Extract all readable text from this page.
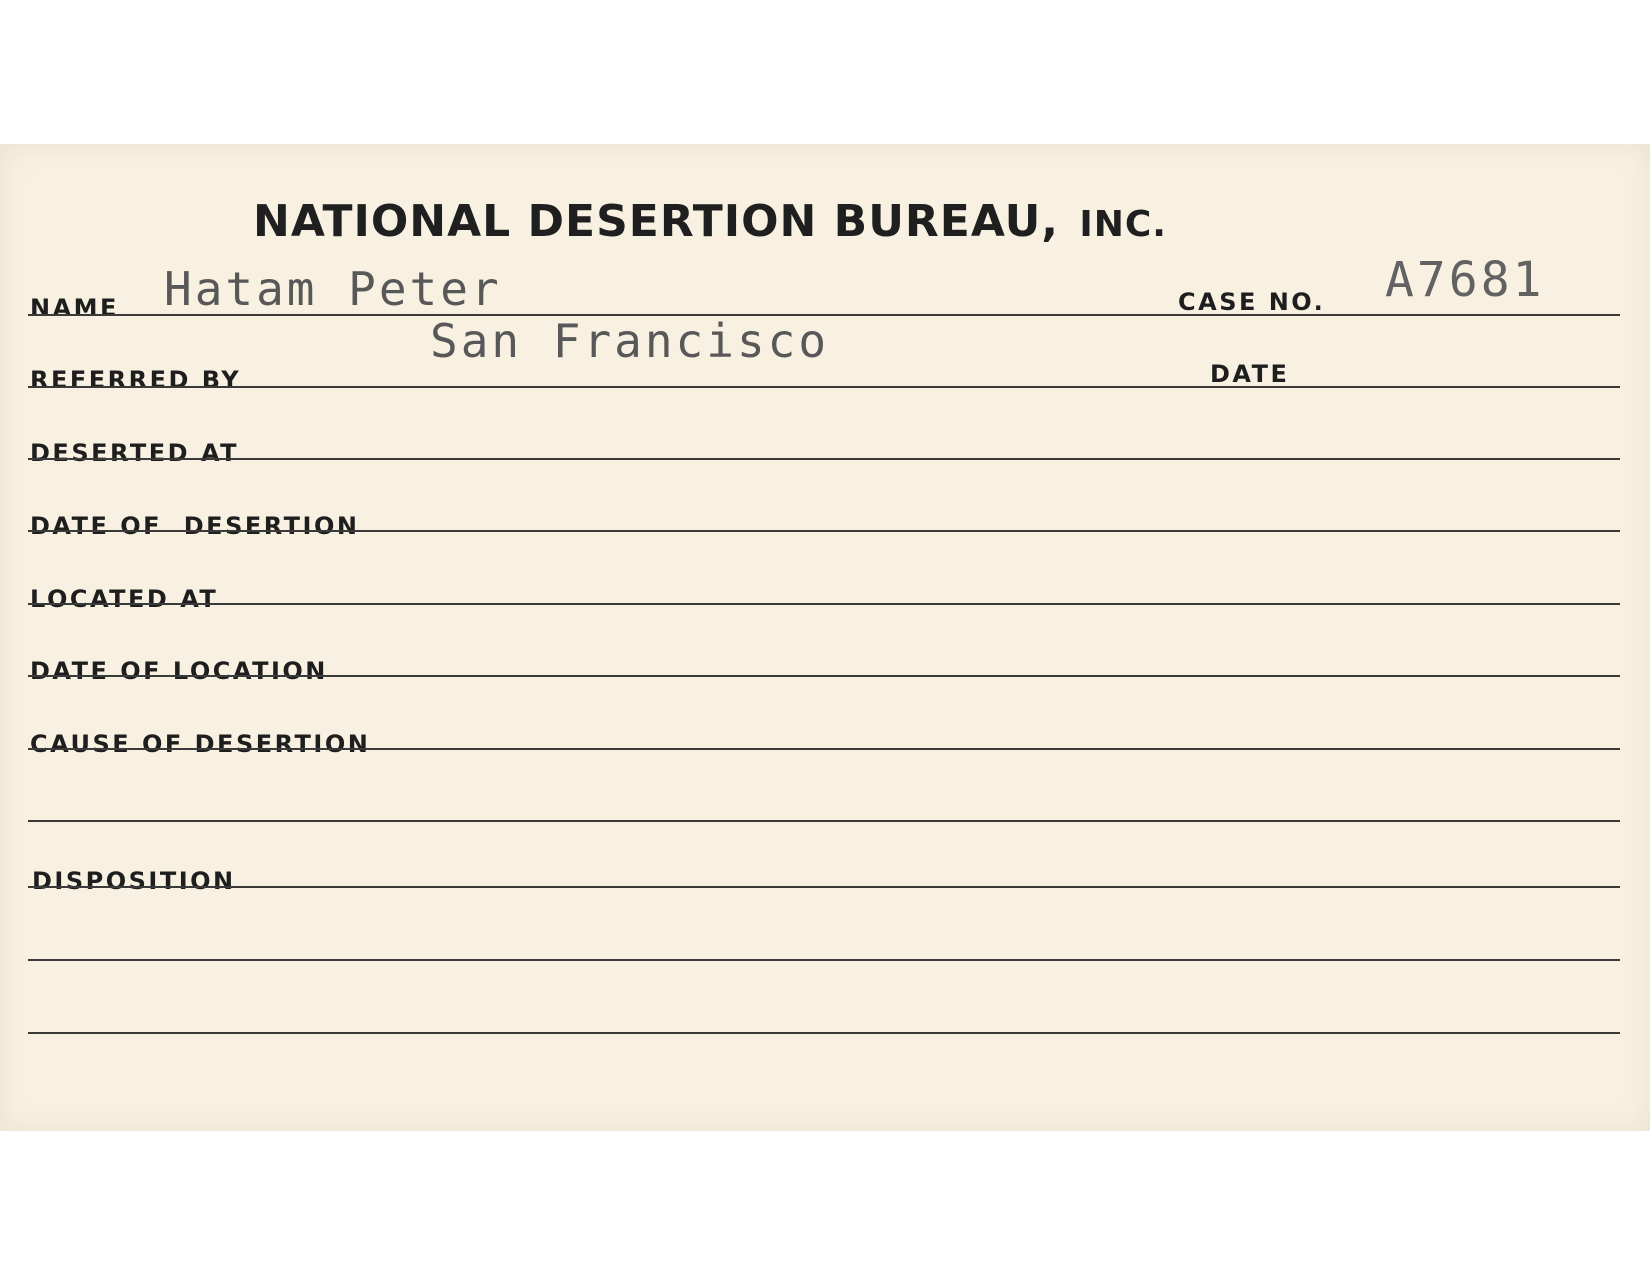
NATIONAL DESERTION BUREAU, INC.
NAME Hatam Peter	CASE NO. A7681
San Francisco
REFERRED BY	DATE
DESERTED AT
DATE OF  DESERTION
LOCATED AT
DATE OF LOCATION
CAUSE OF DESERTION
DISPOSITION
